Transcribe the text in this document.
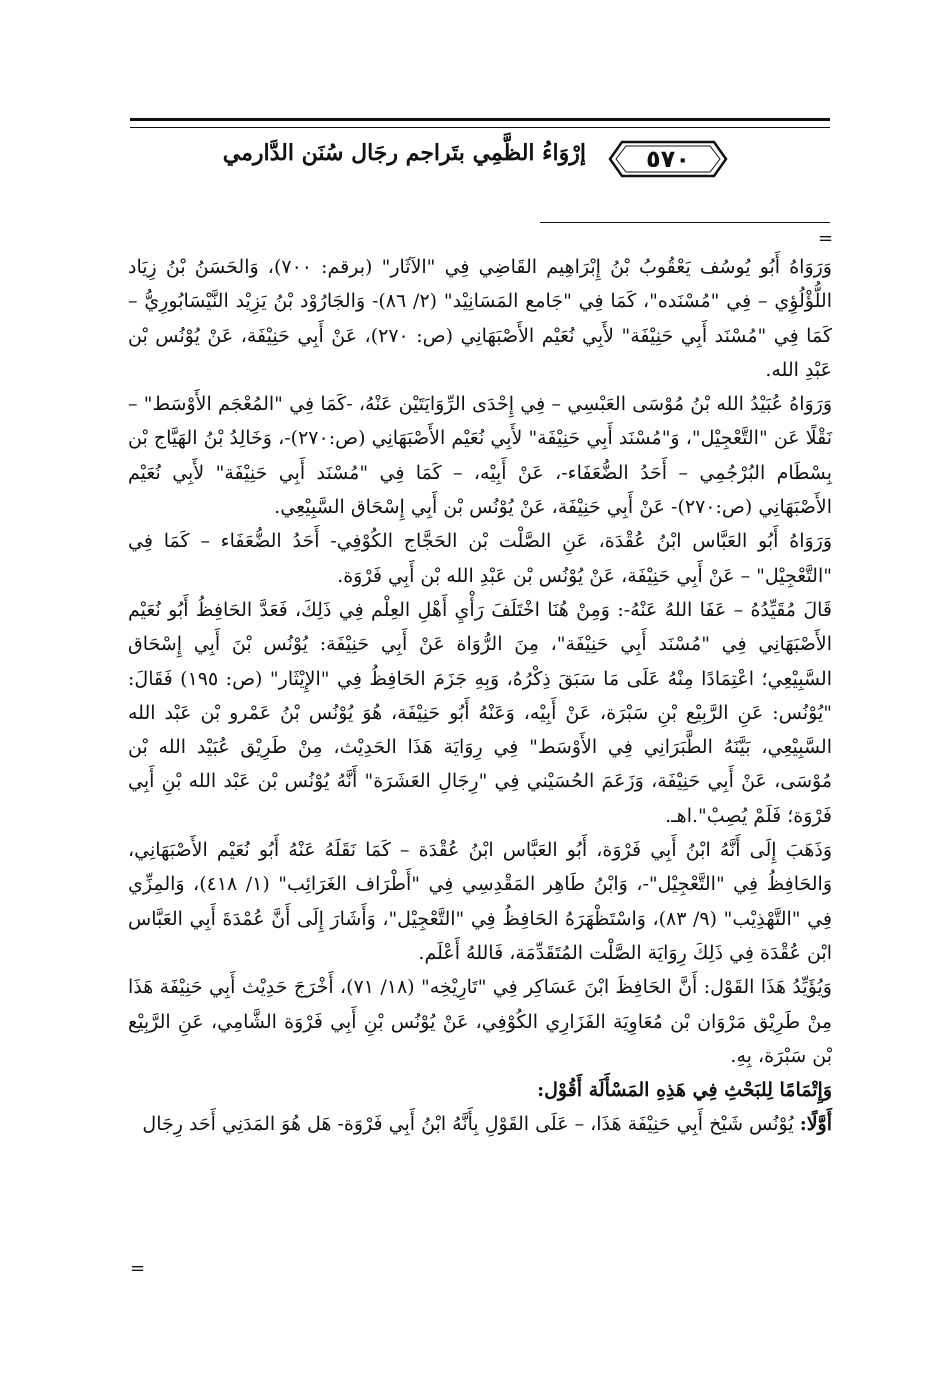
٥٧٠
إرْوَاءُ الظَّمِي بتَراجم رجَال سُنَن الدَّارمي
=

وَرَوَاهُ أَبُو يُوسُف يَعْقُوبُ بْنُ إِبْرَاهِيم القَاضِي فِي "الآثَار" (برقم: ٧٠٠)، وَالحَسَنُ بْنُ زِيَاد اللُّؤْلُؤِي – فِي "مُسْنَده"، كَمَا فِي "جَامع المَسَانِيْد" (٢/ ٨٦)- وَالجَارُوْد بْنُ يَزِيْد النَّيْسَابُورِيُّ – كَمَا فِي "مُسْنَد أَبِي حَنِيْفَة" لأَبِي نُعَيْم الأَصْبَهَانِي (ص: ٢٧٠)، عَنْ أَبِي حَنِيْفَة، عَنْ يُوْنُس بْن عَبْدِ الله.

وَرَوَاهُ عُبَيْدُ الله بْنُ مُوْسَى العَبْسِي – فِي إِحْدَى الرِّوَايَتَيْن عَنْهُ، -كَمَا فِي "المُعْجَم الأَوْسَط" – نَقْلًا عَن "التَّعْجِيْل"، وَ"مُسْنَد أَبِي حَنِيْفَة" لأَبِي نُعَيْم الأَصْبَهَانِي (ص:٢٧٠)-، وَخَالِدُ بْنُ الهَيَّاج بْن بِسْطَام البُرْجُمِي – أَحَدُ الضُّعَفَاء-، عَنْ أَبِيْه، – كَمَا فِي "مُسْنَد أَبِي حَنِيْفَة" لأَبِي نُعَيْم الأَصْبَهَانِي (ص:٢٧٠)- عَنْ أَبِي حَنِيْفَة، عَنْ يُوْنُس بْن أَبِي إِسْحَاق السَّبِيْعِي.

وَرَوَاهُ أَبُو العَبَّاس ابْنُ عُقْدَة، عَنِ الصَّلْت بْن الحَجَّاج الكُوْفِي- أَحَدُ الضُّعَفَاء – كَمَا فِي "التَّعْجِيْل" – عَنْ أَبِي حَنِيْفَة، عَنْ يُوْنُس بْن عَبْدِ الله بْن أَبِي فَرْوَة.

قَالَ مُقَيِّدُهُ – عَفَا اللهُ عَنْهُ-: وَمِنْ هُنَا اخْتَلَفَ رَأْيِ أَهْلِ العِلْم فِي ذَلِكَ، فَعَدَّ الحَافِظُ أَبُو نُعَيْم الأَصْبَهَانِي فِي "مُسْنَد أَبِي حَنِيْفَة"، مِنَ الرُّوَاة عَنْ أَبِي حَنِيْفَة: يُوْنُس بْنَ أَبِي إِسْحَاق السَّبِيْعِي؛ اعْتِمَادًا مِنْهُ عَلَى مَا سَبَقَ ذِكْرُهُ، وَبِهِ جَزَمَ الحَافِظُ فِي "الإِيْثَار" (ص: ١٩٥) فَقَالَ: "يُوْنُس: عَنِ الرَّبِيْع بْنِ سَبْرَة، عَنْ أَبِيْه، وَعَنْهُ أَبُو حَنِيْفَة، هُوَ يُوْنُس بْنُ عَمْرو بْن عَبْد الله السَّبِيْعِي، بَيَّنَهُ الطَّبَرَانِي فِي الأَوْسَط" فِي رِوَايَة هَذَا الحَدِيْث، مِنْ طَرِيْق عُبَيْد الله بْن مُوْسَى، عَنْ أَبِي حَنِيْفَة، وَزَعَمَ الحُسَيْني فِي "رِجَالِ العَشَرَة" أَنَّهُ يُوْنُس بْن عَبْد الله بْنِ أَبِي فَرْوَة؛ فَلَمْ يُصِبْ".اهـ.

وَذَهَبَ إِلَى أَنَّهُ ابْنُ أَبِي فَرْوَة، أَبُو العَبَّاس ابْنُ عُقْدَة – كَمَا نَقَلَهُ عَنْهُ أَبُو نُعَيْم الأَصْبَهَانِي، وَالحَافِظُ فِي "التَّعْجِيْل"-، وَابْنُ طَاهِر المَقْدِسِي فِي "أَطْرَاف الغَرَائِب" (١/ ٤١٨)، وَالمِزِّي فِي "التَّهْذِيْب" (٩/ ٨٣)، وَاسْتَظْهَرَهُ الحَافِظُ فِي "التَّعْجِيْل"، وَأَشَارَ إِلَى أَنَّ عُمْدَةَ أَبِي العَبَّاس ابْن عُقْدَة فِي ذَلِكَ رِوَايَة الصَّلْت المُتَقَدِّمَة، فَاللهُ أَعْلَم.

وَيُؤَيِّدُ هَذَا القَوْل: أَنَّ الحَافِظَ ابْنَ عَسَاكِر فِي "تَارِيْخِه" (١٨/ ٧١)، أَخْرَجَ حَدِيْث أَبِي حَنِيْفَة هَذَا مِنْ طَرِيْق مَرْوَان بْن مُعَاوِيَة الفَزَارِي الكُوْفِي، عَنْ يُوْنُس بْنِ أَبِي فَرْوَة الشَّامِي، عَنِ الرَّبِيْع بْن سَبْرَة، بِهِ.

وَإِتْمَامًا لِلبَحْثِ فِي هَذِهِ المَسْأَلَة أَقُوْل:

أَوَّلًا: يُوْنُس شَيْخ أَبِي حَنِيْفَة هَذَا، – عَلَى القَوْلِ بِأَنَّهُ ابْنُ أَبِي فَرْوَة- هَل هُوَ المَدَنِي أَحَد رِجَال

=
